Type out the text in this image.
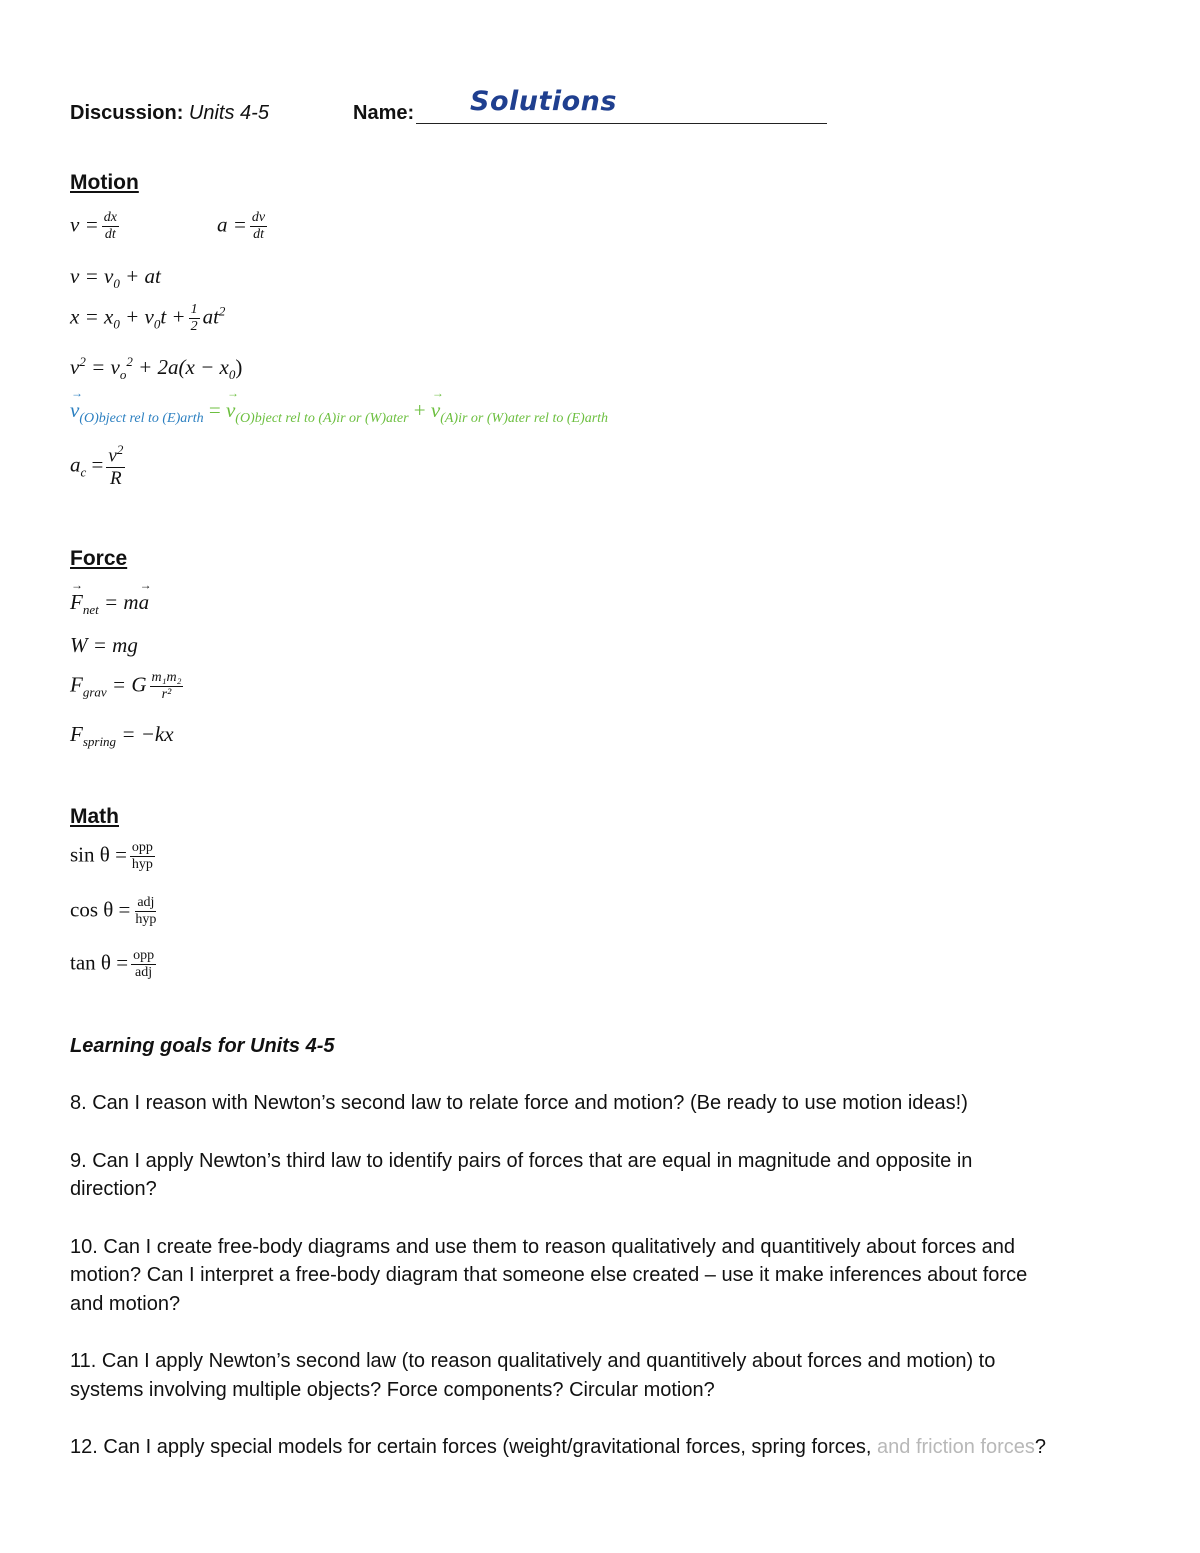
Discussion: Units 4-5	Name: Solutions
Motion
$v = \frac{dx}{dt}$	$a = \frac{dv}{dt}$
$v = v_0$ + at
$x = x_0 + v_0t + \frac{1}{2} at^2$
$v^2 = v_o^2 + 2a(x - x_0)$
→ $v_{(O)bject rel to (E)arth}$ = → $v_{(O)bject rel to (A)ir or (W)ater}$ + → $v_{(A)ir or (W)ater rel to (E)arth}$
$a_c = \frac{v^2}{R}$
Force
→ $F_{net} = m\to a$
W = mg
$F_{grav} = G \frac{\text{m₁m₂}}{\text{r²}}$
$F_{spring} = -kx$
Math
$\sin \theta = \frac{\text{opp}}{\text{hyp}}$
$\cos \theta = \frac{\text{adj}}{\text{hyp}}$
$\tan \theta = \frac{\text{opp}}{\text{adj}}$
Learning goals for Units 4-5
8. Can I reason with Newton’s second law to relate force and motion? (Be ready to use motion ideas!)
9. Can I apply Newton’s third law to identify pairs of forces that are equal in magnitude and opposite in
direction?
10. Can I create free-body diagrams and use them to reason qualitatively and quantitively about forces and
motion? Can I interpret a free-body diagram that someone else created – use it make inferences about force
and motion?
11. Can I apply Newton’s second law (to reason qualitatively and quantitively about forces and motion) to
systems involving multiple objects? Force components? Circular motion?
12. Can I apply special models for certain forces (weight/gravitational forces, spring forces, and friction forces?
